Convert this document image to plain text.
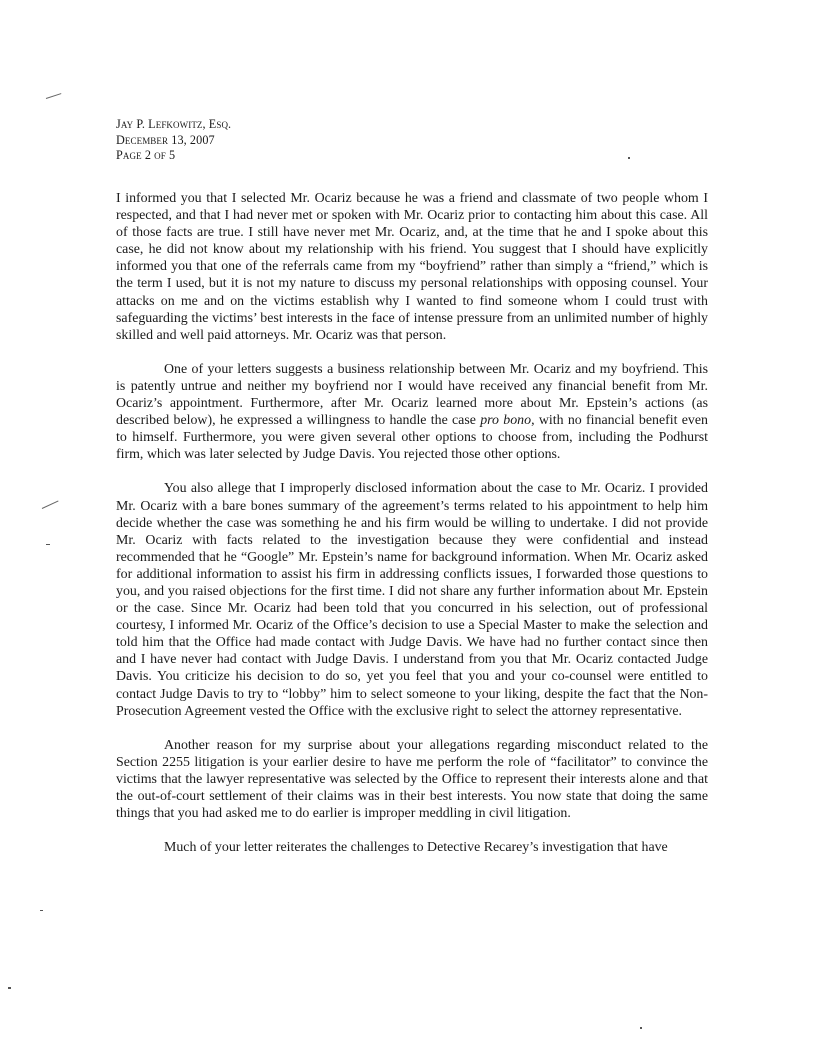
Jay P. Lefkowitz, Esq.
December 13, 2007
Page 2 of 5

I informed you that I selected Mr. Ocariz because he was a friend and classmate of two people whom I respected, and that I had never met or spoken with Mr. Ocariz prior to contacting him about this case. All of those facts are true. I still have never met Mr. Ocariz, and, at the time that he and I spoke about this case, he did not know about my relationship with his friend. You suggest that I should have explicitly informed you that one of the referrals came from my “boyfriend” rather than simply a “friend,” which is the term I used, but it is not my nature to discuss my personal relationships with opposing counsel. Your attacks on me and on the victims establish why I wanted to find someone whom I could trust with safeguarding the victims’ best interests in the face of intense pressure from an unlimited number of highly skilled and well paid attorneys. Mr. Ocariz was that person.

One of your letters suggests a business relationship between Mr. Ocariz and my boyfriend. This is patently untrue and neither my boyfriend nor I would have received any financial benefit from Mr. Ocariz’s appointment. Furthermore, after Mr. Ocariz learned more about Mr. Epstein’s actions (as described below), he expressed a willingness to handle the case pro bono, with no financial benefit even to himself. Furthermore, you were given several other options to choose from, including the Podhurst firm, which was later selected by Judge Davis. You rejected those other options.

You also allege that I improperly disclosed information about the case to Mr. Ocariz. I provided Mr. Ocariz with a bare bones summary of the agreement’s terms related to his appointment to help him decide whether the case was something he and his firm would be willing to undertake. I did not provide Mr. Ocariz with facts related to the investigation because they were confidential and instead recommended that he “Google” Mr. Epstein’s name for background information. When Mr. Ocariz asked for additional information to assist his firm in addressing conflicts issues, I forwarded those questions to you, and you raised objections for the first time. I did not share any further information about Mr. Epstein or the case. Since Mr. Ocariz had been told that you concurred in his selection, out of professional courtesy, I informed Mr. Ocariz of the Office’s decision to use a Special Master to make the selection and told him that the Office had made contact with Judge Davis. We have had no further contact since then and I have never had contact with Judge Davis. I understand from you that Mr. Ocariz contacted Judge Davis. You criticize his decision to do so, yet you feel that you and your co-counsel were entitled to contact Judge Davis to try to “lobby” him to select someone to your liking, despite the fact that the Non-Prosecution Agreement vested the Office with the exclusive right to select the attorney representative.

Another reason for my surprise about your allegations regarding misconduct related to the Section 2255 litigation is your earlier desire to have me perform the role of “facilitator” to convince the victims that the lawyer representative was selected by the Office to represent their interests alone and that the out-of-court settlement of their claims was in their best interests. You now state that doing the same things that you had asked me to do earlier is improper meddling in civil litigation.

Much of your letter reiterates the challenges to Detective Recarey’s investigation that have
